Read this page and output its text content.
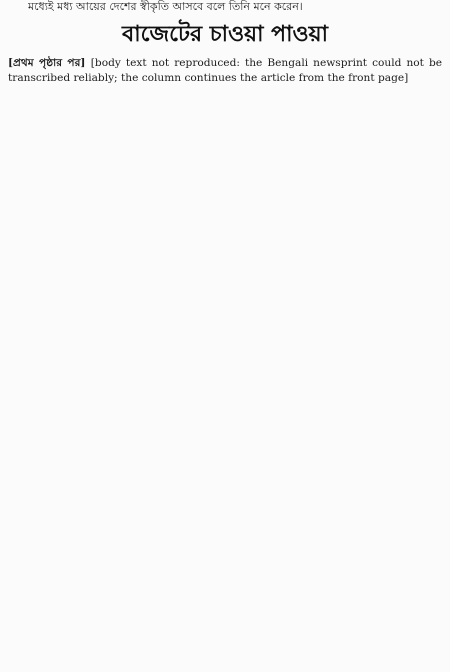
মধ্যেই মধ্য আয়ের দেশের স্বীকৃতি আসবে বলে তিনি মনে করেন।
বাজেটের চাওয়া পাওয়া
[ প্রথম পৃষ্ঠার পর ] [body text not reproduced: the Bengali newsprint could not be transcribed reliably; the column continues the article from the front page]
